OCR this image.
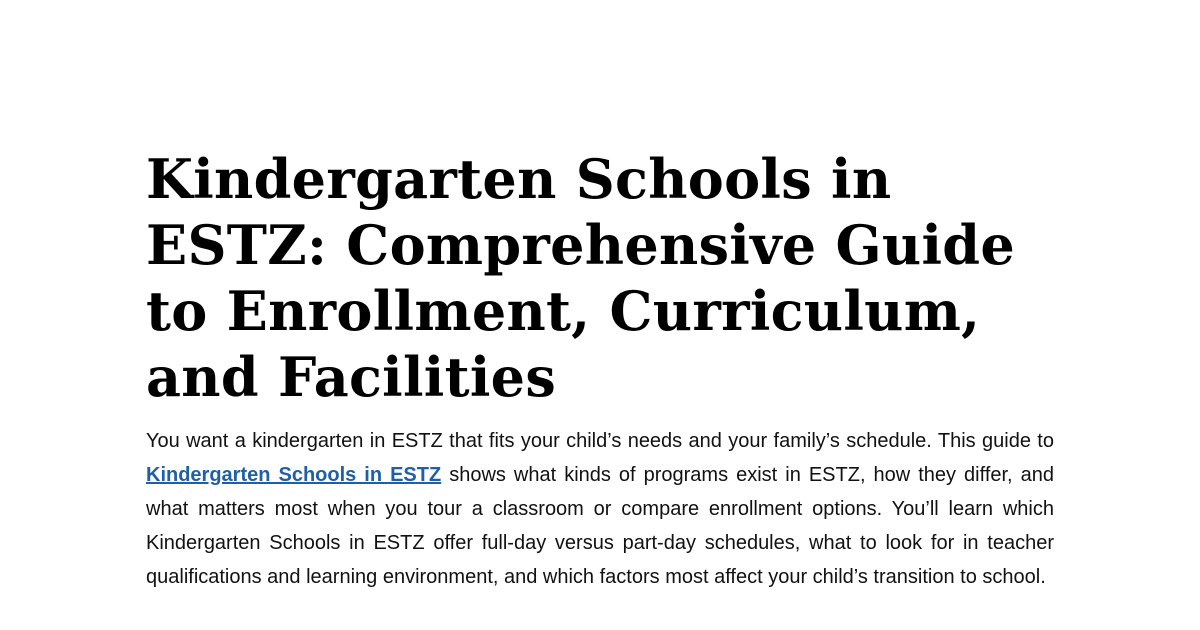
Kindergarten Schools in ESTZ: Comprehensive Guide to Enrollment, Curriculum, and Facilities

You want a kindergarten in ESTZ that fits your child’s needs and your family’s schedule. This guide to Kindergarten Schools in ESTZ shows what kinds of programs exist in ESTZ, how they differ, and what matters most when you tour a classroom or compare enrollment options. You’ll learn which Kindergarten Schools in ESTZ offer full-day versus part-day schedules, what to look for in teacher qualifications and learning environment, and which factors most affect your child’s transition to school.
